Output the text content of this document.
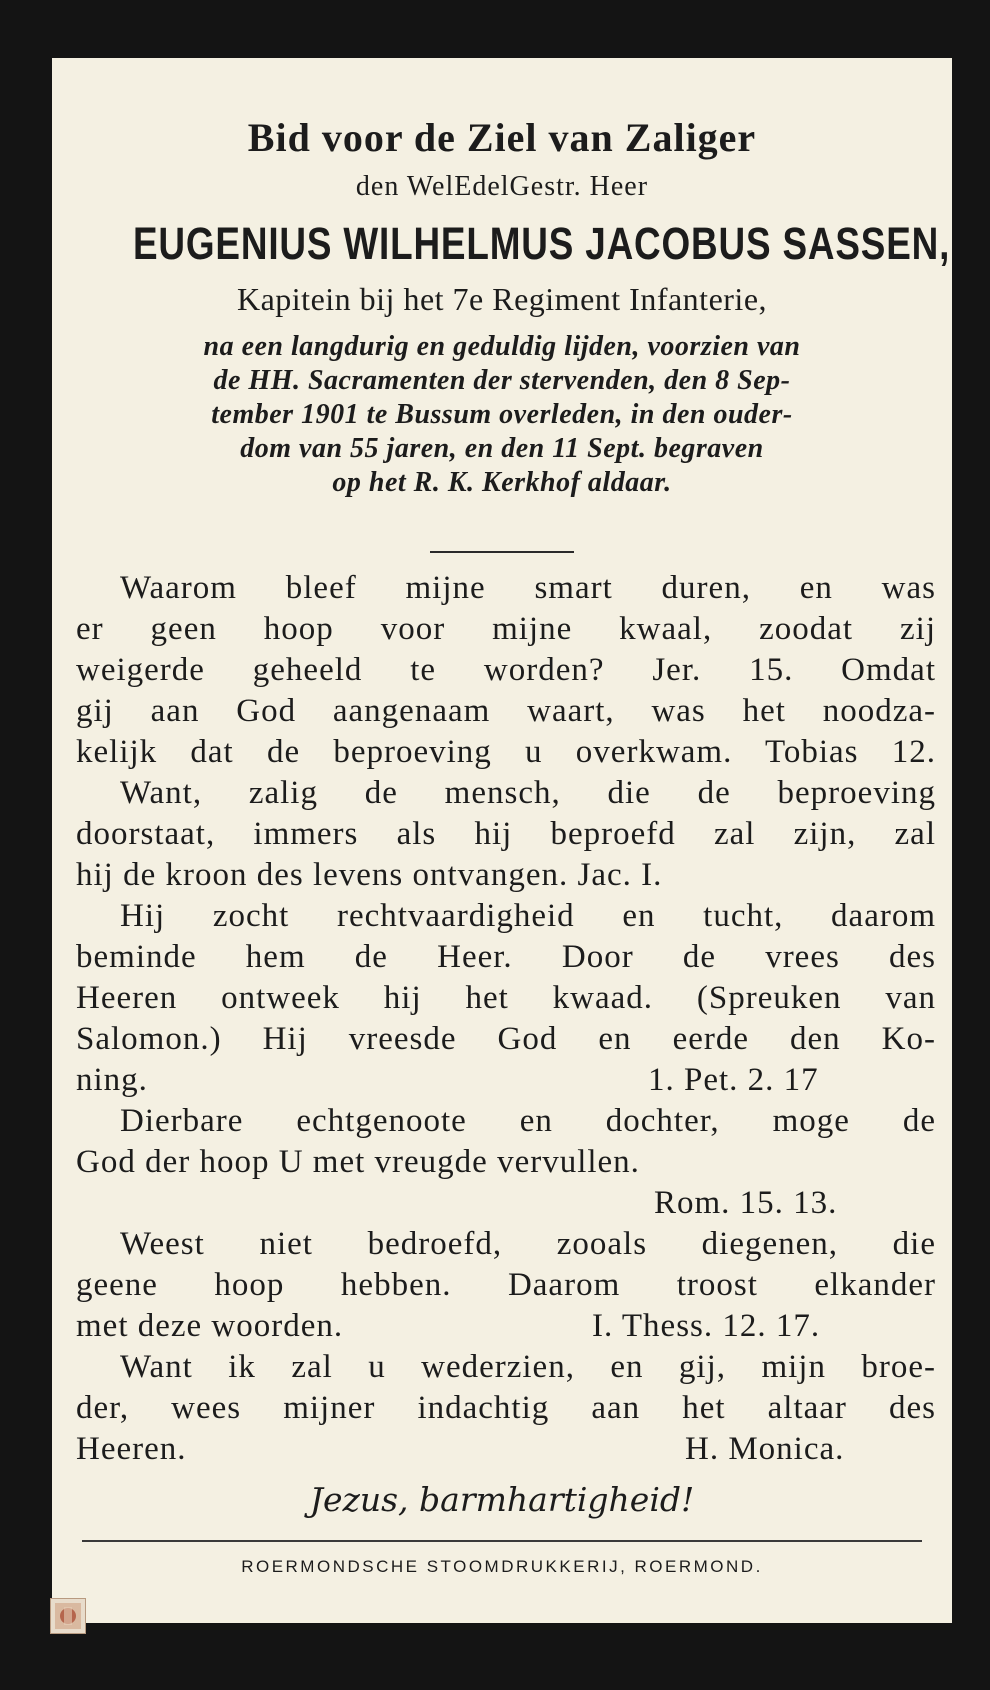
Bid voor de Ziel van Zaliger
den WelEdelGestr. Heer
EUGENIUS WILHELMUS JACOBUS SASSEN,
Kapitein bij het 7e Regiment Infanterie,
na een langdurig en geduldig lijden, voorzien van
de HH. Sacramenten der stervenden, den 8 Sep-
tember 1901 te Bussum overleden, in den ouder-
dom van 55 jaren, en den 11 Sept. begraven
op het R. K. Kerkhof aldaar.
Waarom bleef mijne smart duren, en was
er geen hoop voor mijne kwaal, zoodat zij
weigerde geheeld te worden? Jer. 15. Omdat
gij aan God aangenaam waart, was het noodza-
kelijk dat de beproeving u overkwam. Tobias 12.
Want, zalig de mensch, die de beproeving
doorstaat, immers als hij beproefd zal zijn, zal
hij de kroon des levens ontvangen. Jac. I.
Hij zocht rechtvaardigheid en tucht, daarom
beminde hem de Heer. Door de vrees des
Heeren ontweek hij het kwaad. (Spreuken van
Salomon.) Hij vreesde God en eerde den Ko-
ning.	1. Pet. 2. 17
Dierbare echtgenoote en dochter, moge de
God der hoop U met vreugde vervullen.
Rom. 15. 13.
Weest niet bedroefd, zooals diegenen, die
geene hoop hebben. Daarom troost elkander
met deze woorden.	I. Thess. 12. 17.
Want ik zal u wederzien, en gij, mijn broe-
der, wees mijner indachtig aan het altaar des
Heeren.	H. Monica.
Jezus, barmhartigheid!
ROERMONDSCHE STOOMDRUKKERIJ, ROERMOND.
